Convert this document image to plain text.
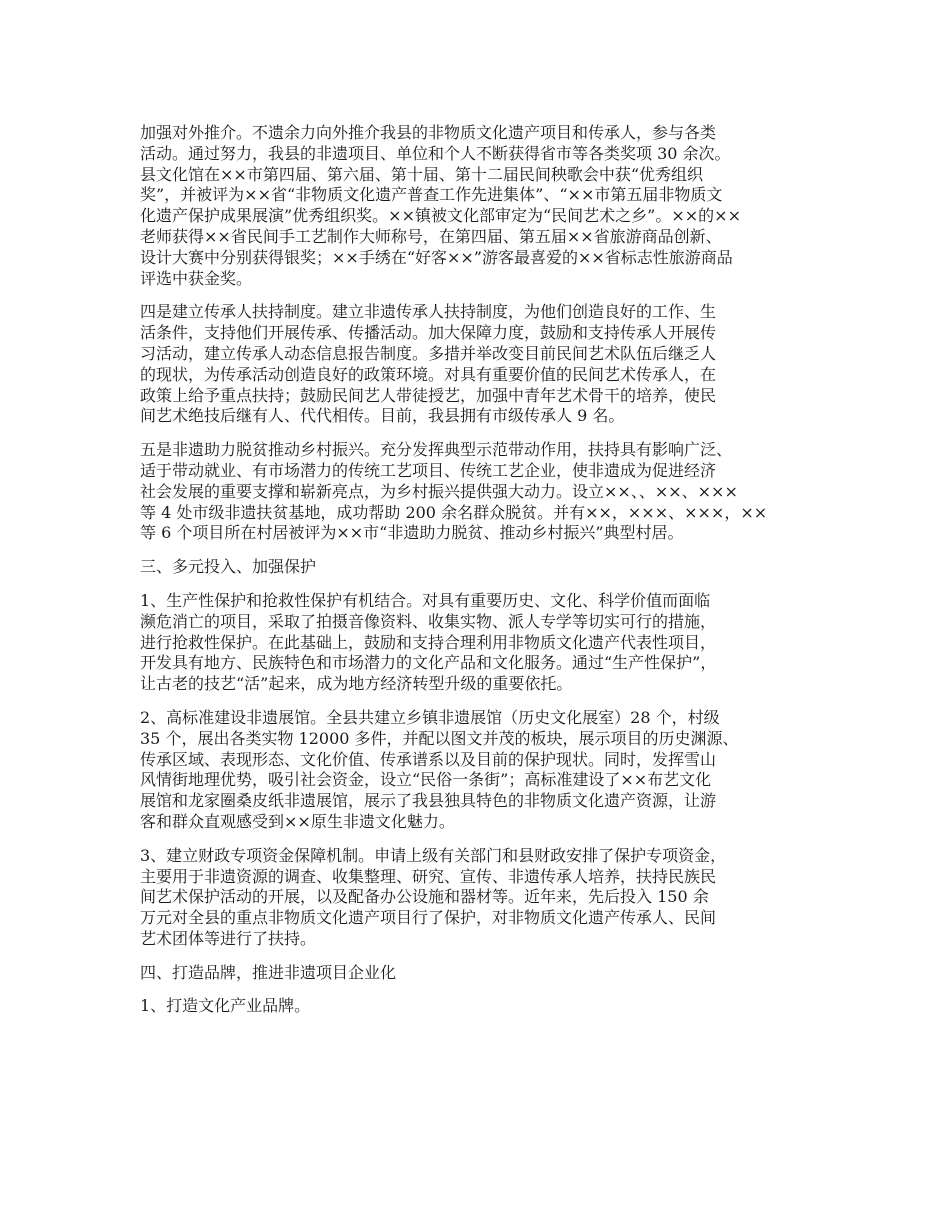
加强对外推介。不遗余力向外推介我县的非物质文化遗产项目和传承人，参与各类
活动。通过努力，我县的非遗项目、单位和个人不断获得省市等各类奖项 30 余次。
县文化馆在××市第四届、第六届、第十届、第十二届民间秧歌会中获“优秀组织
奖”，并被评为××省“非物质文化遗产普查工作先进集体”、“××市第五届非物质文
化遗产保护成果展演”优秀组织奖。××镇被文化部审定为“民间艺术之乡”。××的××
老师获得××省民间手工艺制作大师称号，在第四届、第五届××省旅游商品创新、
设计大赛中分别获得银奖；××手绣在“好客××”游客最喜爱的××省标志性旅游商品
评选中获金奖。

四是建立传承人扶持制度。建立非遗传承人扶持制度，为他们创造良好的工作、生
活条件，支持他们开展传承、传播活动。加大保障力度，鼓励和支持传承人开展传
习活动，建立传承人动态信息报告制度。多措并举改变目前民间艺术队伍后继乏人
的现状，为传承活动创造良好的政策环境。对具有重要价值的民间艺术传承人，在
政策上给予重点扶持；鼓励民间艺人带徒授艺，加强中青年艺术骨干的培养，使民
间艺术绝技后继有人、代代相传。目前，我县拥有市级传承人 9 名。

五是非遗助力脱贫推动乡村振兴。充分发挥典型示范带动作用，扶持具有影响广泛、
适于带动就业、有市场潜力的传统工艺项目、传统工艺企业，使非遗成为促进经济
社会发展的重要支撑和崭新亮点，为乡村振兴提供强大动力。设立××、、××、×××
等 4 处市级非遗扶贫基地，成功帮助 200 余名群众脱贫。并有××，×××、×××，××
等 6 个项目所在村居被评为××市“非遗助力脱贫、推动乡村振兴”典型村居。

三、多元投入、加强保护

1、生产性保护和抢救性保护有机结合。对具有重要历史、文化、科学价值而面临
濒危消亡的项目，采取了拍摄音像资料、收集实物、派人专学等切实可行的措施，
进行抢救性保护。在此基础上，鼓励和支持合理利用非物质文化遗产代表性项目，
开发具有地方、民族特色和市场潜力的文化产品和文化服务。通过“生产性保护”，
让古老的技艺“活”起来，成为地方经济转型升级的重要依托。

2、高标准建设非遗展馆。全县共建立乡镇非遗展馆（历史文化展室）28 个，村级
35 个，展出各类实物 12000 多件，并配以图文并茂的板块，展示项目的历史渊源、
传承区域、表现形态、文化价值、传承谱系以及目前的保护现状。同时，发挥雪山
风情街地理优势，吸引社会资金，设立“民俗一条街”；高标准建设了××布艺文化
展馆和龙家圈桑皮纸非遗展馆，展示了我县独具特色的非物质文化遗产资源，让游
客和群众直观感受到××原生非遗文化魅力。

3、建立财政专项资金保障机制。申请上级有关部门和县财政安排了保护专项资金，
主要用于非遗资源的调查、收集整理、研究、宣传、非遗传承人培养，扶持民族民
间艺术保护活动的开展，以及配备办公设施和器材等。近年来，先后投入 150 余
万元对全县的重点非物质文化遗产项目行了保护，对非物质文化遗产传承人、民间
艺术团体等进行了扶持。

四、打造品牌，推进非遗项目企业化

1、打造文化产业品牌。
